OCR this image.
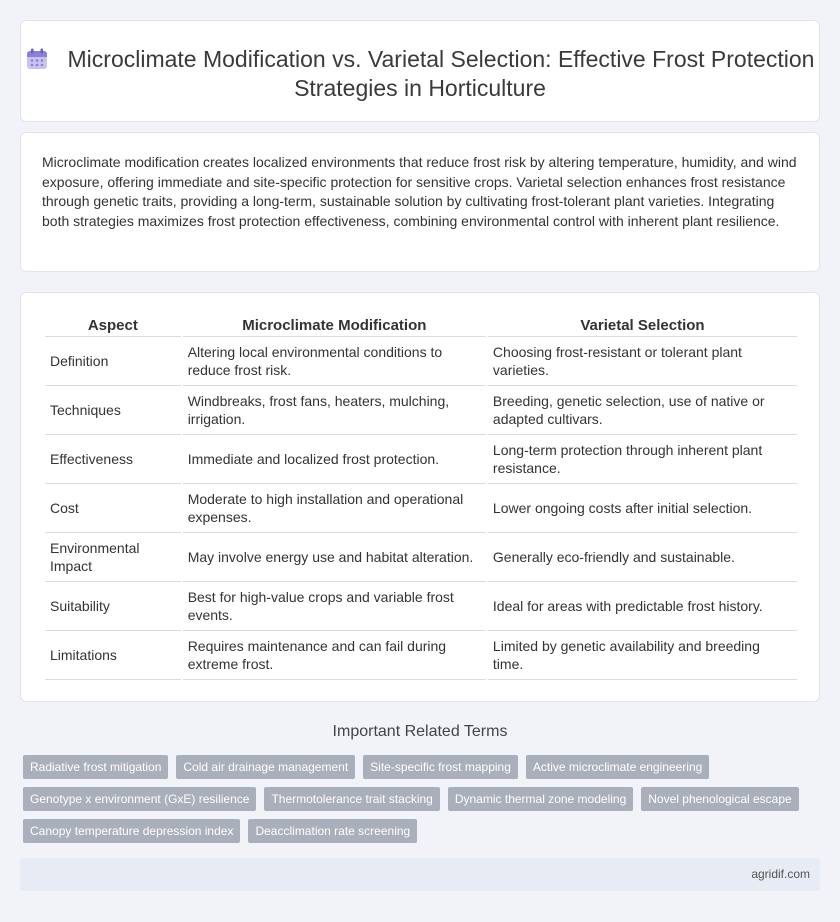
Microclimate Modification vs. Varietal Selection: Effective Frost Protection Strategies in Horticulture

Microclimate modification creates localized environments that reduce frost risk by altering temperature, humidity, and wind exposure, offering immediate and site-specific protection for sensitive crops. Varietal selection enhances frost resistance through genetic traits, providing a long-term, sustainable solution by cultivating frost-tolerant plant varieties. Integrating both strategies maximizes frost protection effectiveness, combining environmental control with inherent plant resilience.

Aspect	Microclimate Modification	Varietal Selection
Definition	Altering local environmental conditions to reduce frost risk.	Choosing frost-resistant or tolerant plant varieties.
Techniques	Windbreaks, frost fans, heaters, mulching, irrigation.	Breeding, genetic selection, use of native or adapted cultivars.
Effectiveness	Immediate and localized frost protection.	Long-term protection through inherent plant resistance.
Cost	Moderate to high installation and operational expenses.	Lower ongoing costs after initial selection.
Environmental Impact	May involve energy use and habitat alteration.	Generally eco-friendly and sustainable.
Suitability	Best for high-value crops and variable frost events.	Ideal for areas with predictable frost history.
Limitations	Requires maintenance and can fail during extreme frost.	Limited by genetic availability and breeding time.
Important Related Terms
Radiative frost mitigation	Cold air drainage management	Site-specific frost mapping	Active microclimate engineering
Genotype x environment (GxE) resilience	Thermotolerance trait stacking	Dynamic thermal zone modeling	Novel phenological escape
Canopy temperature depression index	Deacclimation rate screening
agridif.com
